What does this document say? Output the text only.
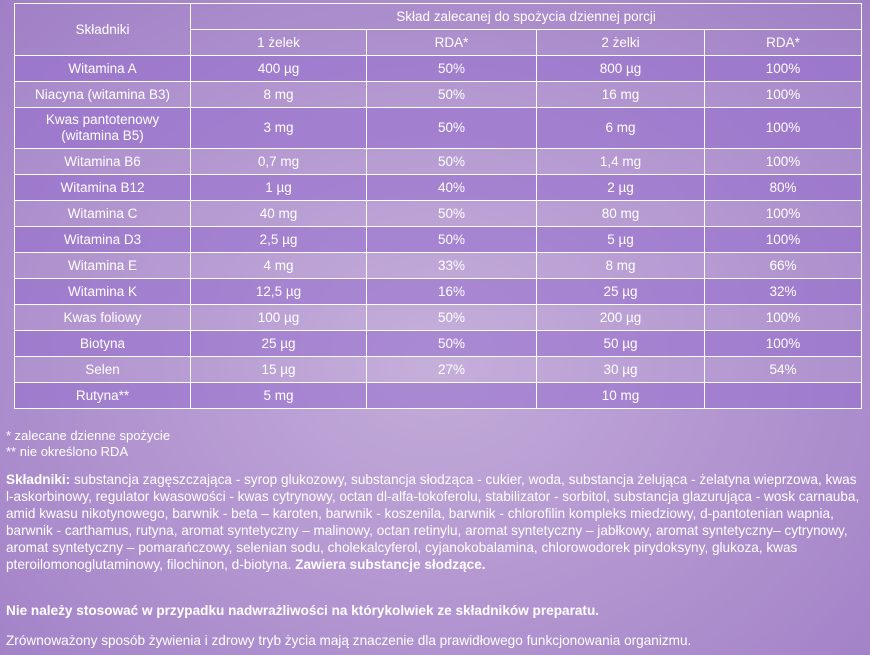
Składniki	Skład zalecanej do spożycia dziennej porcji			
	1 żelek	RDA*	2 żelki	RDA*
Witamina A	400 µg	50%	800 µg	100%
Niacyna (witamina B3)	8 mg	50%	16 mg	100%
Kwas pantotenowy (witamina B5)	3 mg	50%	6 mg	100%
Witamina B6	0,7 mg	50%	1,4 mg	100%
Witamina B12	1 µg	40%	2 µg	80%
Witamina C	40 mg	50%	80 mg	100%
Witamina D3	2,5 µg	50%	5 µg	100%
Witamina E	4 mg	33%	8 mg	66%
Witamina K	12,5 µg	16%	25 µg	32%
Kwas foliowy	100 µg	50%	200 µg	100%
Biotyna	25 µg	50%	50 µg	100%
Selen	15 µg	27%	30 µg	54%
Rutyna**	5 mg		10 mg	
* zalecane dzienne spożycie
** nie określono RDA

Składniki: substancja zagęszczająca - syrop glukozowy, substancja słodząca - cukier, woda, substancja żelująca - żelatyna wieprzowa, kwas l-askorbinowy, regulator kwasowości - kwas cytrynowy, octan dl-alfa-tokoferolu, stabilizator - sorbitol, substancja glazurująca - wosk carnauba, amid kwasu nikotynowego, barwnik - beta – karoten, barwnik - koszenila, barwnik - chlorofilin kompleks miedziowy, d-pantotenian wapnia, barwnik - carthamus, rutyna, aromat syntetyczny – malinowy, octan retinylu, aromat syntetyczny – jabłkowy, aromat syntetyczny– cytrynowy, aromat syntetyczny – pomarańczowy, selenian sodu, cholekalcyferol, cyjanokobalamina, chlorowodorek pirydoksyny, glukoza, kwas pteroilomonoglutaminowy, filochinon, d-biotyna. Zawiera substancje słodzące.

Nie należy stosować w przypadku nadwrażliwości na którykolwiek ze składników preparatu.

Zrównoważony sposób żywienia i zdrowy tryb życia mają znaczenie dla prawidłowego funkcjonowania organizmu.
